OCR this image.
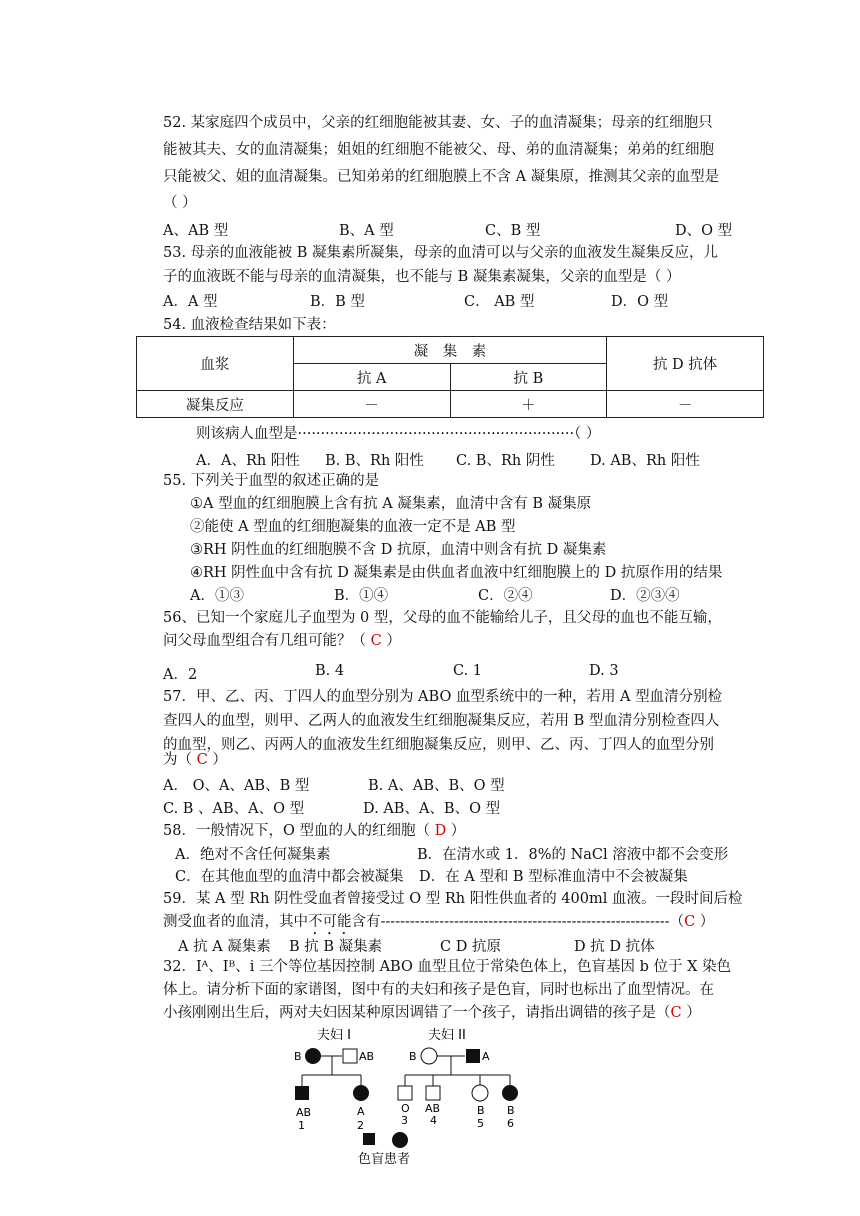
52. 某家庭四个成员中，父亲的红细胞能被其妻、女、子的血清凝集；母亲的红细胞只
能被其夫、女的血清凝集；姐姐的红细胞不能被父、母、弟的血清凝集；弟弟的红细胞
只能被父、姐的血清凝集。已知弟弟的红细胞膜上不含 A 凝集原，推测其父亲的血型是
（ ）
A、AB 型	B、A 型	C、B 型	D、O 型
53. 母亲的血液能被 B 凝集素所凝集，母亲的血清可以与父亲的血液发生凝集反应，儿
子的血液既不能与母亲的血清凝集，也不能与 B 凝集素凝集，父亲的血型是（ ）
A．A 型	B．B 型	C． AB 型	D．O 型
54. 血液检查结果如下表：
血浆	凝　集　素		抗 D 抗体
	抗 A	抗 B	
凝集反应	－	＋	－
则该病人血型是····························································（ ）
A．A、Rh 阳性 B. B、Rh 阳性 C. B、Rh 阴性 D. AB、Rh 阳性
55. 下列关于血型的叙述正确的是
①A 型血的红细胞膜上含有抗 A 凝集素，血清中含有 B 凝集原
②能使 A 型血的红细胞凝集的血液一定不是 AB 型
③RH 阴性血的红细胞膜不含 D 抗原，血清中则含有抗 D 凝集素
④RH 阴性血中含有抗 D 凝集素是由供血者血液中红细胞膜上的 D 抗原作用的结果
A．①③	B．①④	C．②④	D．②③④
56、已知一个家庭儿子血型为 0 型，父母的血不能输给儿子，且父母的血也不能互输，
问父母血型组合有几组可能？（ C ）
A．2	B. 4	C. 1	D. 3
57．甲、乙、丙、丁四人的血型分别为 ABO 血型系统中的一种，若用 A 型血清分别检
查四人的血型，则甲、乙两人的血液发生红细胞凝集反应，若用 B 型血清分别检查四人
的血型，则乙、丙两人的血液发生红细胞凝集反应，则甲、乙、丙、丁四人的血型分别
为（ C ）
A． O、A、AB、B 型	B. A、AB、B、O 型
C. B 、AB、A、O 型	D. AB、A、B、O 型
58．一般情况下，O 型血的人的红细胞（ D ）
A．绝对不含任何凝集素	B．在清水或 1．8%的 NaCl 溶液中都不会变形
C．在其他血型的血清中都会被凝集 D．在 A 型和 B 型标准血清中不会被凝集
59．某 A 型 Rh 阴性受血者曾接受过 O 型 Rh 阳性供血者的 400ml 血液。一段时间后检
测受血者的血清，其中不可能含有-----------------------------------------------------------（C ）
A 抗 A 凝集素 B 抗 B 凝集素	C D 抗原	D 抗 D 抗体
32．Iᴬ、Iᴮ、i 三个等位基因控制 ABO 血型且位于常染色体上，色盲基因 b 位于 X 染色
体上。请分析下面的家谱图，图中有的夫妇和孩子是色盲，同时也标出了血型情况。在
小孩刚刚出生后，两对夫妇因某种原因调错了一个孩子，请指出调错的孩子是（C ）
夫妇 I	夫妇 II
B	AB
AB
1
A
2
B	A
O
3
AB
4
B
5
B
6
色盲患者
